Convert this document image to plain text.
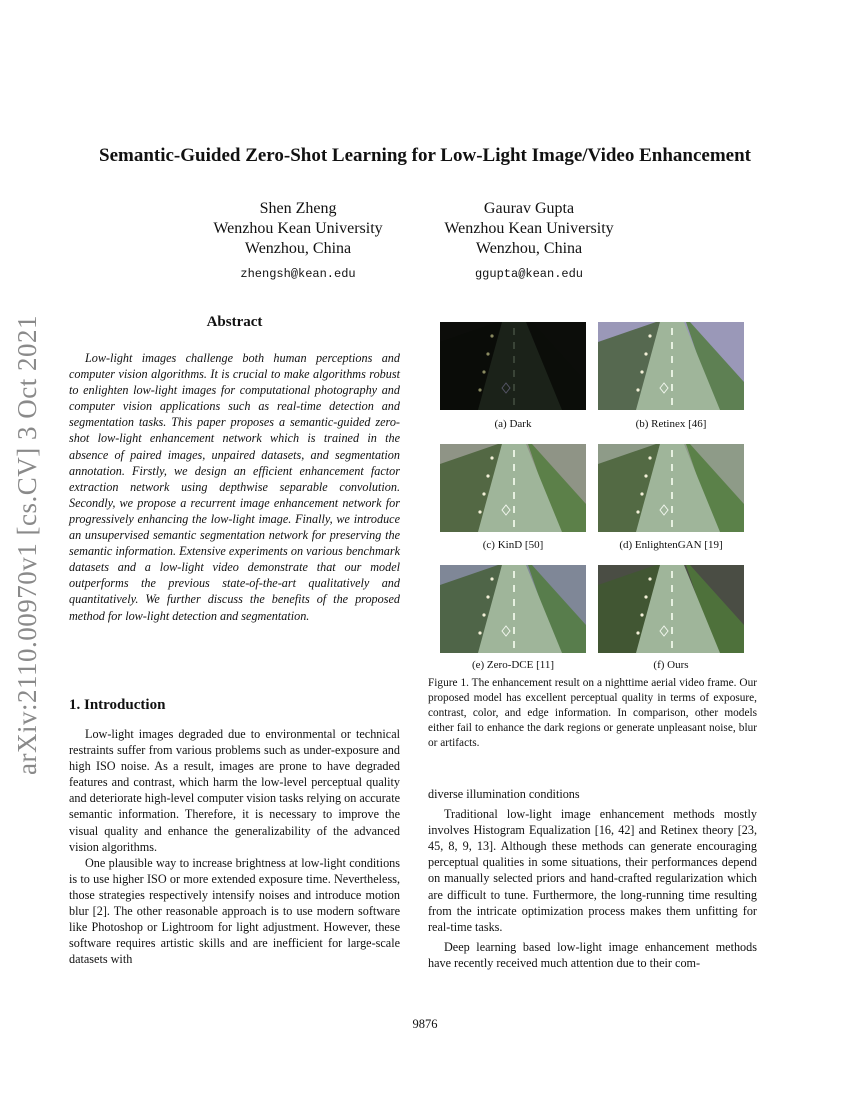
arXiv:2110.00970v1 [cs.CV] 3 Oct 2021
Semantic-Guided Zero-Shot Learning for Low-Light Image/Video Enhancement
Shen Zheng
Wenzhou Kean University
Wenzhou, China
zhengsh@kean.edu
Gaurav Gupta
Wenzhou Kean University
Wenzhou, China
ggupta@kean.edu
Abstract

Low-light images challenge both human perceptions and computer vision algorithms. It is crucial to make algorithms robust to enlighten low-light images for computational photography and computer vision applications such as real-time detection and segmentation tasks. This paper proposes a semantic-guided zero-shot low-light enhancement network which is trained in the absence of paired images, unpaired datasets, and segmentation annotation. Firstly, we design an efficient enhancement factor extraction network using depthwise separable convolution. Secondly, we propose a recurrent image enhancement network for progressively enhancing the low-light image. Finally, we introduce an unsupervised semantic segmentation network for preserving the semantic information. Extensive experiments on various benchmark datasets and a low-light video demonstrate that our model outperforms the previous state-of-the-art qualitatively and quantitatively. We further discuss the benefits of the proposed method for low-light detection and segmentation.

1. Introduction

Low-light images degraded due to environmental or technical restraints suffer from various problems such as under-exposure and high ISO noise. As a result, images are prone to have degraded features and contrast, which harm the low-level perceptual quality and deteriorate high-level computer vision tasks relying on accurate semantic information. Therefore, it is necessary to improve the visual quality and enhance the generalizability of the advanced vision algorithms.

One plausible way to increase brightness at low-light conditions is to use higher ISO or more extended exposure time. Nevertheless, those strategies respectively intensify noises and introduce motion blur [2]. The other reasonable approach is to use modern software like Photoshop or Lightroom for light adjustment. However, these software requires artistic skills and are inefficient for large-scale datasets with

(a) Dark	(b) Retinex [46]
(c) KinD [50]	(d) EnlightenGAN [19]
(e) Zero-DCE [11]	(f) Ours
Figure 1. The enhancement result on a nighttime aerial video frame. Our proposed model has excellent perceptual quality in terms of exposure, contrast, color, and edge information. In comparison, other models either fail to enhance the dark regions or generate unpleasant noise, blur or artifacts.

diverse illumination conditions

Traditional low-light image enhancement methods mostly involves Histogram Equalization [16, 42] and Retinex theory [23, 45, 8, 9, 13]. Although these methods can generate encouraging perceptual qualities in some situations, their performances depend on manually selected priors and hand-crafted regularization which are difficult to tune. Furthermore, the long-running time resulting from the intricate optimization process makes them unfitting for real-time tasks.

Deep learning based low-light image enhancement methods have recently received much attention due to their com-

9876
